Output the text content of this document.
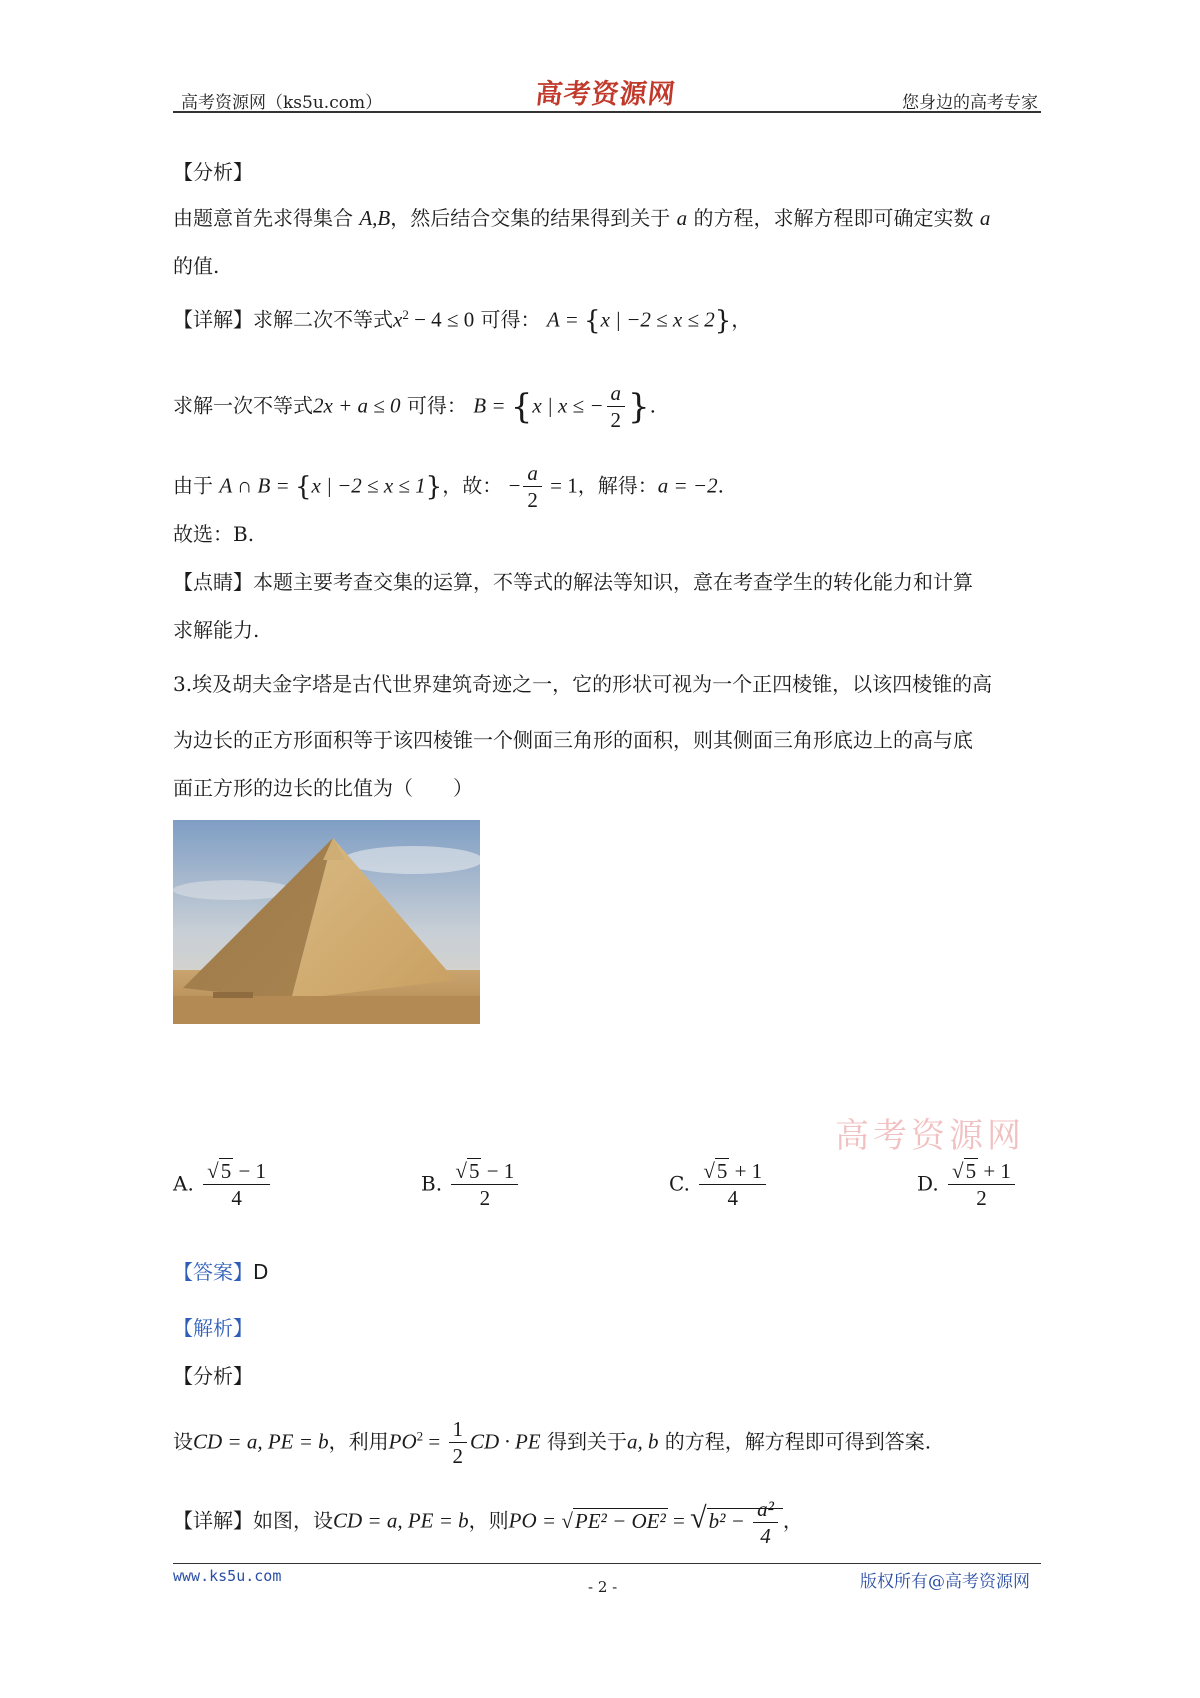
高考资源网（ks5u.com）	高考资源网	您身边的高考专家
【分析】
由题意首先求得集合 A,B，然后结合交集的结果得到关于 a 的方程，求解方程即可确定实数 a
的值.
【详解】求解二次不等式$x^2 - 4 \le 0$ 可得： A = {x | −2 ≤ x ≤ 2}，
求解一次不等式2x + a ≤ 0 可得： B = {x | x ≤ − $\frac{a}{2}$ }.
由于 A ∩ B = {x | −2 ≤ x ≤ 1}，故： − $\frac{a}{2} = 1$，解得：a = −2.
故选：B.
【点睛】本题主要考查交集的运算，不等式的解法等知识，意在考查学生的转化能力和计算
求解能力.
3.埃及胡夫金字塔是古代世界建筑奇迹之一，它的形状可视为一个正四棱锥，以该四棱锥的高
为边长的正方形面积等于该四棱锥一个侧面三角形的面积，则其侧面三角形底边上的高与底
面正方形的边长的比值为（　　）
高考资源网
A. $\frac{√5 - 1}{4}$	B. $\frac{√5 - 1}{2}$	C. $\frac{√5 + 1}{4}$	D. $\frac{√5 + 1}{2}$
【答案】D
【解析】
【分析】
设CD = a, PE = b，利用$PO^2 = \frac{1}{2}$ CD · PE 得到关于a, b 的方程，解方程即可得到答案.
【详解】如图，设CD = a, PE = b，则PO = $√PE^2 - OE^2 = √b^2 - \frac{\text{a²}}{4}$ ，
www.ks5u.com
- 2 -	版权所有@高考资源网
